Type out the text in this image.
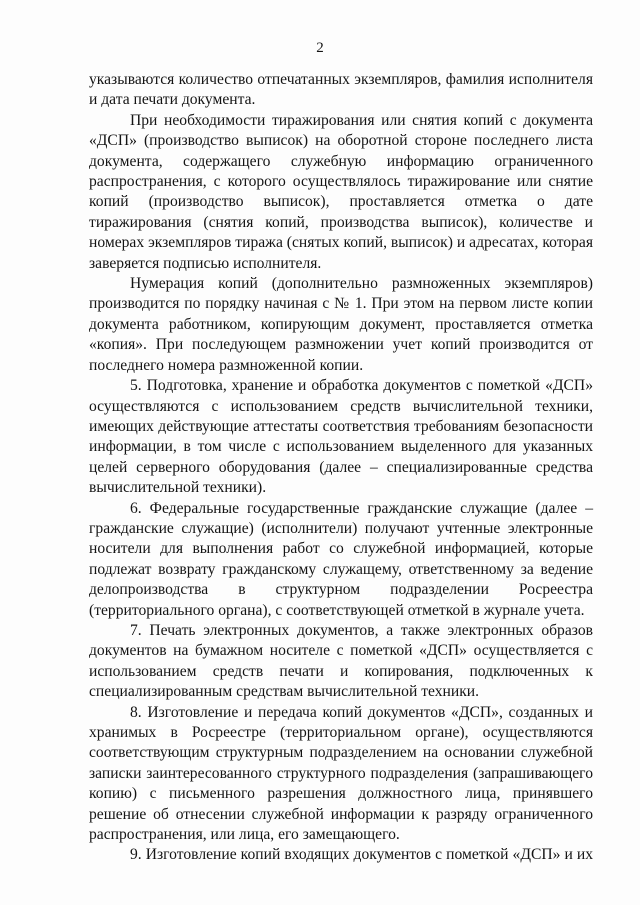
2

указываются количество отпечатанных экземпляров, фамилия исполнителя и дата печати документа.

При необходимости тиражирования или снятия копий с документа «ДСП» (производство выписок) на оборотной стороне последнего листа документа, содержащего служебную информацию ограниченного распространения, с которого осуществлялось тиражирование или снятие копий (производство выписок), проставляется отметка о дате тиражирования (снятия копий, производства выписок), количестве и номерах экземпляров тиража (снятых копий, выписок) и адресатах, которая заверяется подписью исполнителя.

Нумерация копий (дополнительно размноженных экземпляров) производится по порядку начиная с № 1. При этом на первом листе копии документа работником, копирующим документ, проставляется отметка «копия». При последующем размножении учет копий производится от последнего номера размноженной копии.

5. Подготовка, хранение и обработка документов с пометкой «ДСП» осуществляются с использованием средств вычислительной техники, имеющих действующие аттестаты соответствия требованиям безопасности информации, в том числе с использованием выделенного для указанных целей серверного оборудования (далее – специализированные средства вычислительной техники).

6. Федеральные государственные гражданские служащие (далее – гражданские служащие) (исполнители) получают учтенные электронные носители для выполнения работ со служебной информацией, которые подлежат возврату гражданскому служащему, ответственному за ведение делопроизводства в структурном подразделении Росреестра (территориального органа), с соответствующей отметкой в журнале учета.

7. Печать электронных документов, а также электронных образов документов на бумажном носителе с пометкой «ДСП» осуществляется с использованием средств печати и копирования, подключенных к специализированным средствам вычислительной техники.

8. Изготовление и передача копий документов «ДСП», созданных и хранимых в Росреестре (территориальном органе), осуществляются соответствующим структурным подразделением на основании служебной записки заинтересованного структурного подразделения (запрашивающего копию) с письменного разрешения должностного лица, принявшего решение об отнесении служебной информации к разряду ограниченного распространения, или лица, его замещающего.

9. Изготовление копий входящих документов с пометкой «ДСП» и их
